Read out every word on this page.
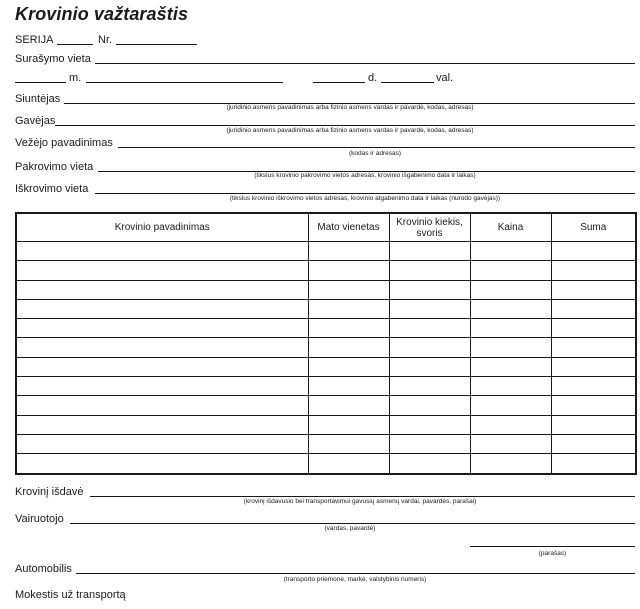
Krovinio važtaraštis
SERIJA	Nr.
Surašymo vieta
m.	d.	val.
Siuntėjas
(juridinio asmens pavadinimas arba fizinio asmens vardas ir pavardė, kodas, adresas)
Gavėjas
(juridinio asmens pavadinimas arba fizinio asmens vardas ir pavardė, kodas, adresas)
Vežėjo pavadinimas
(kodas ir adresas)
Pakrovimo vieta
(tikslus krovinio pakrovimo vietos adresas, krovinio išgabenimo data ir laikas)
Iškrovimo vieta
(tikslus krovinio iškrovimo vietos adresas, krovinio atgabenimo data ir laikas (nurodo gavėjas))
Krovinio pavadinimas	Mato vienetas	Krovinio kiekis, svoris	Kaina	Suma

Krovinį išdavė
(krovinį išdavusio bei transportavimui gavusių asmenų vardai, pavardės, parašai)
Vairuotojo
(vardas, pavardė)
(parašas)
Automobilis
(transporto priemonė, markė, valstybinis numeris)
Mokestis už transportą
